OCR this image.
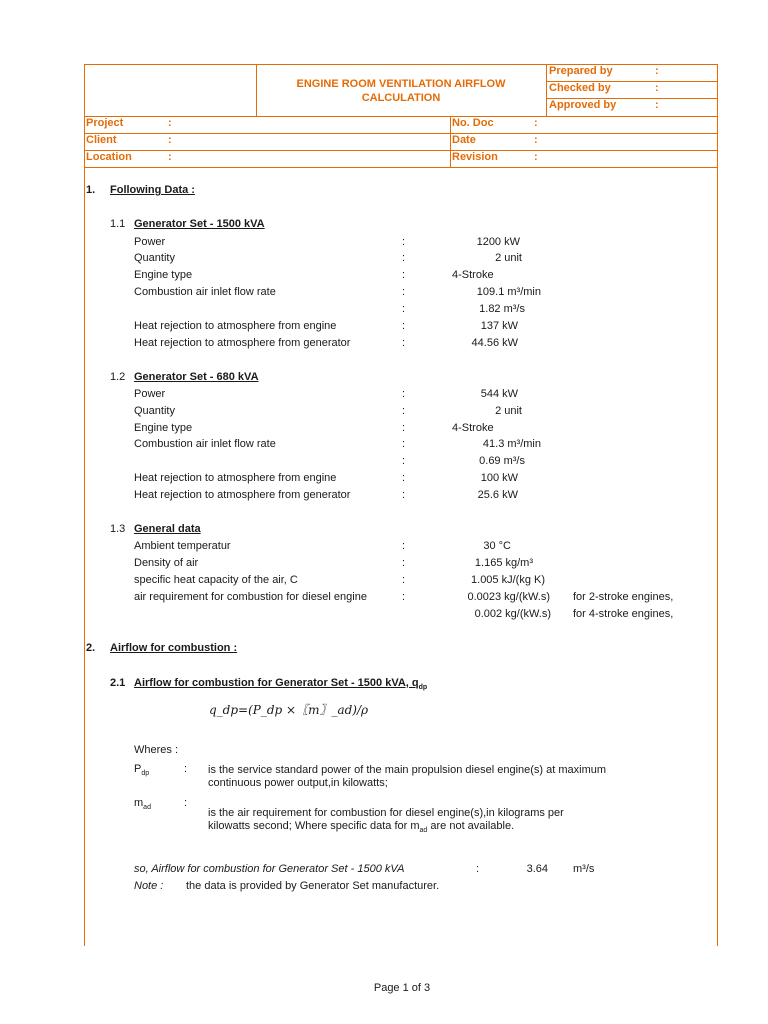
ENGINE ROOM VENTILATION AIRFLOW CALCULATION
Prepared by	:
Checked by	:
Approved by	:
Project	:
Client	:
Location	:
No. Doc	:
Date	:
Revision	:
1. Following Data :
1.1 Generator Set - 1500 kVA
Power	:	1200 kW
Quantity	:	2 unit
Engine type	:	4-Stroke
Combustion air inlet flow rate	:	109.1 m³/min
:	1.82 m³/s
Heat rejection to atmosphere from engine	:	137 kW
Heat rejection to atmosphere from generator	:	44.56 kW
1.2 Generator Set - 680 kVA
Power	:	544 kW
Quantity	:	2 unit
Engine type	:	4-Stroke
Combustion air inlet flow rate	:	41.3 m³/min
:	0.69 m³/s
Heat rejection to atmosphere from engine	:	100 kW
Heat rejection to atmosphere from generator	:	25.6 kW
1.3 General data
Ambient temperatur	:	30 °C
Density of air	:	1.165 kg/m³
specific heat capacity of the air, C	:	1.005 kJ/(kg K)
air requirement for combustion for diesel engine	:	0.0023 kg/(kW.s) for 2-stroke engines,
0.002 kg/(kW.s) for 4-stroke engines,
2. Airflow for combustion :
2.1 Airflow for combustion for Generator Set - 1500 kVA, $q_{dp}$
q_dp=(P_dp ×〖m〗_ad)/ρ
Wheres :
$P_{dp}$	: is the service standard power of the main propulsion diesel engine(s) at maximum continuous power output,in kilowatts;
$m_{ad}$	:
is the air requirement for combustion for diesel engine(s),in kilograms per kilowatts second; Where specific data for $m_{ad}$ are not available.
so, Airflow for combustion for Generator Set - 1500 kVA	:	3.64 m³/s
Note : the data is provided by Generator Set manufacturer.
Page 1 of 3
